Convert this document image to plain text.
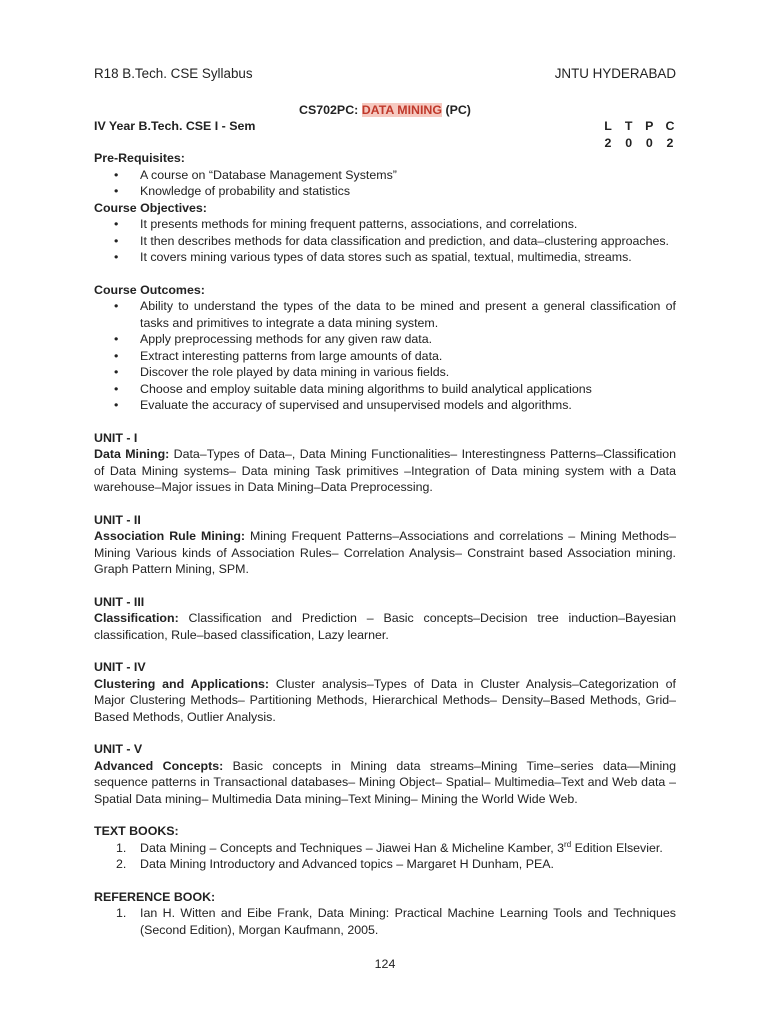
R18 B.Tech. CSE Syllabus	JNTU HYDERABAD
CS702PC: DATA MINING (PC)
IV Year B.Tech. CSE I - Sem	L T P C
2 0 0 2
Pre-Requisites:
• A course on “Database Management Systems”
• Knowledge of probability and statistics
Course Objectives:
• It presents methods for mining frequent patterns, associations, and correlations.
• It then describes methods for data classification and prediction, and data–clustering approaches.
• It covers mining various types of data stores such as spatial, textual, multimedia, streams.
Course Outcomes:
• Ability to understand the types of the data to be mined and present a general classification of tasks and primitives to integrate a data mining system.
• Apply preprocessing methods for any given raw data.
• Extract interesting patterns from large amounts of data.
• Discover the role played by data mining in various fields.
• Choose and employ suitable data mining algorithms to build analytical applications
• Evaluate the accuracy of supervised and unsupervised models and algorithms.
UNIT - I

Data Mining: Data–Types of Data–, Data Mining Functionalities– Interestingness Patterns–Classification of Data Mining systems– Data mining Task primitives –Integration of Data mining system with a Data warehouse–Major issues in Data Mining–Data Preprocessing.

UNIT - II

Association Rule Mining: Mining Frequent Patterns–Associations and correlations – Mining Methods– Mining Various kinds of Association Rules– Correlation Analysis– Constraint based Association mining. Graph Pattern Mining, SPM.

UNIT - III

Classification: Classification and Prediction – Basic concepts–Decision tree induction–Bayesian classification, Rule–based classification, Lazy learner.

UNIT - IV

Clustering and Applications: Cluster analysis–Types of Data in Cluster Analysis–Categorization of Major Clustering Methods– Partitioning Methods, Hierarchical Methods– Density–Based Methods, Grid–Based Methods, Outlier Analysis.

UNIT - V

Advanced Concepts: Basic concepts in Mining data streams–Mining Time–series data—Mining sequence patterns in Transactional databases– Mining Object– Spatial– Multimedia–Text and Web data – Spatial Data mining– Multimedia Data mining–Text Mining– Mining the World Wide Web.

TEXT BOOKS:
1. Data Mining – Concepts and Techniques – Jiawei Han & Micheline Kamber, 3rd Edition Elsevier.
2. Data Mining Introductory and Advanced topics – Margaret H Dunham, PEA.
REFERENCE BOOK:
1. Ian H. Witten and Eibe Frank, Data Mining: Practical Machine Learning Tools and Techniques (Second Edition), Morgan Kaufmann, 2005.
124
